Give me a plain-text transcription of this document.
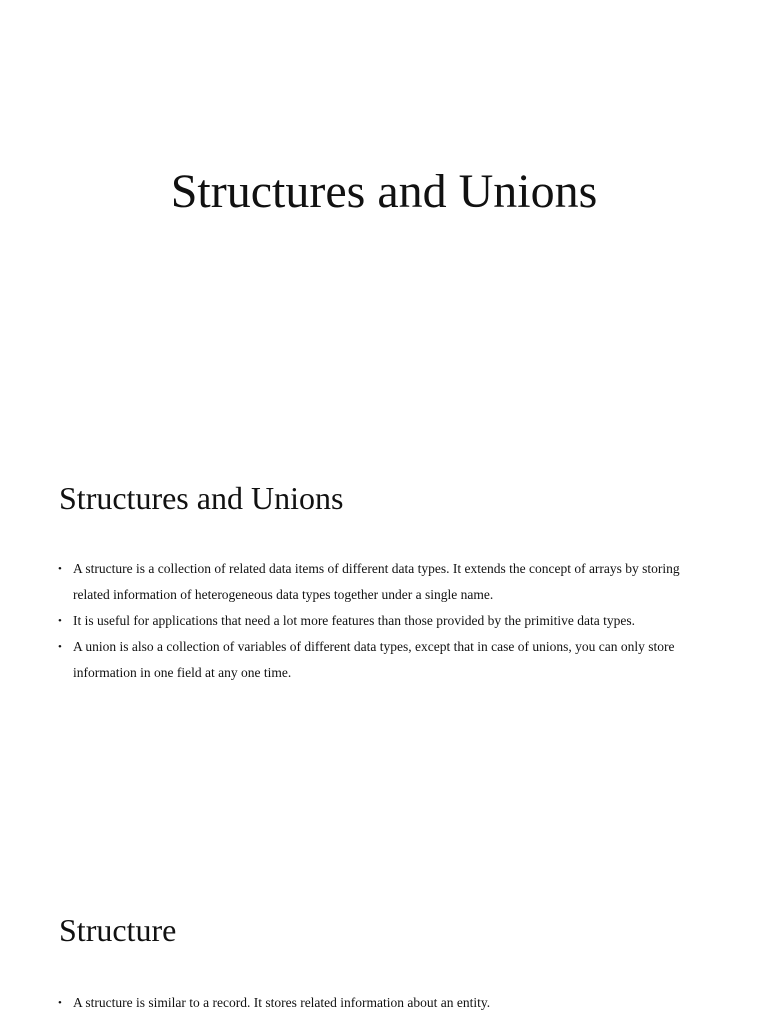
Structures and Unions
Structures and Unions
• A structure is a collection of related data items of different data types. It extends the concept of arrays by storing related information of heterogeneous data types together under a single name.
• It is useful for applications that need a lot more features than those provided by the primitive data types.
• A union is also a collection of variables of different data types, except that in case of unions, you can only store information in one field at any one time.
Structure
• A structure is similar to a record. It stores related information about an entity.
